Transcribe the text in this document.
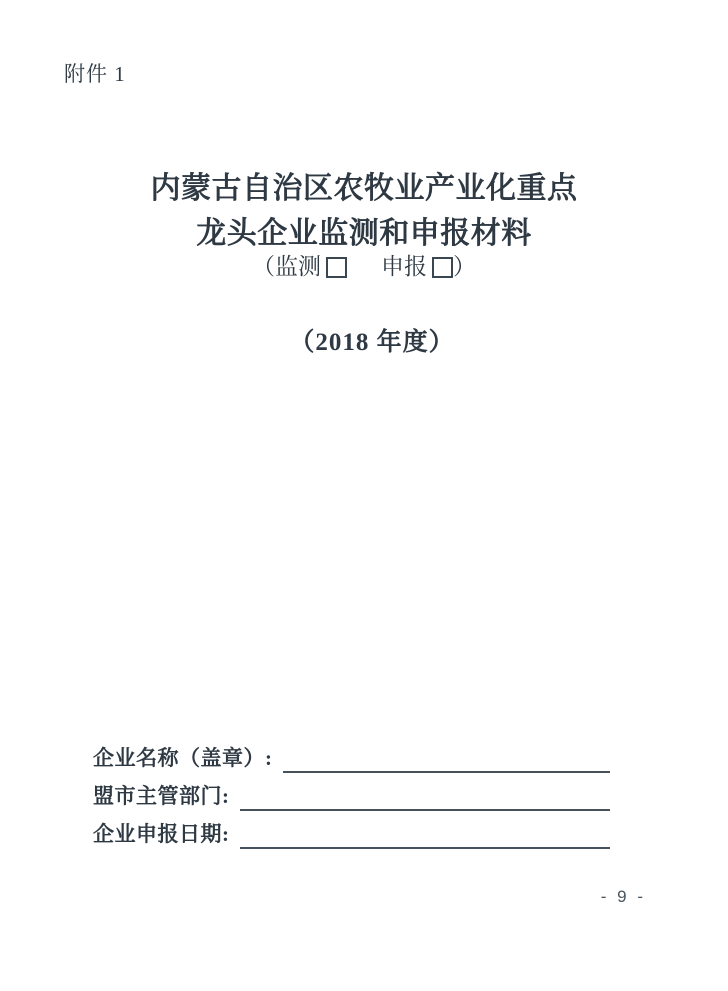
附件 1
内蒙古自治区农牧业产业化重点
龙头企业监测和申报材料
（ 监测	申报 ）
（2018 年度）
企业名称（盖章）:
盟市主管部门:
企业申报日期:
- 9 -
